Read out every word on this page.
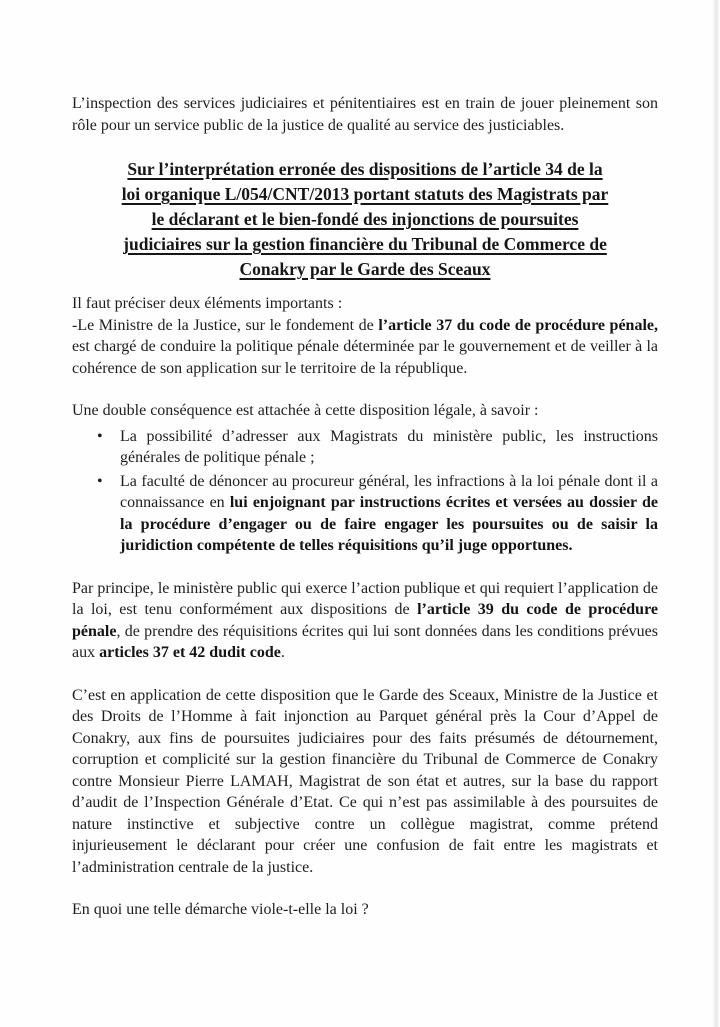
L’inspection des services judiciaires et pénitentiaires est en train de jouer pleinement son rôle pour un service public de la justice de qualité au service des justiciables.

Sur l’interprétation erronée des dispositions de l’article 34 de la
loi organique L/054/CNT/2013 portant statuts des Magistrats par
le déclarant et le bien-fondé des injonctions de poursuites
judiciaires sur la gestion financière du Tribunal de Commerce de
Conakry par le Garde des Sceaux

Il faut préciser deux éléments importants :
-Le Ministre de la Justice, sur le fondement de l’article 37 du code de procédure pénale, est chargé de conduire la politique pénale déterminée par le gouvernement et de veiller à la cohérence de son application sur le territoire de la république.

Une double conséquence est attachée à cette disposition légale, à savoir :

•	La possibilité d’adresser aux Magistrats du ministère public, les instructions générales de politique pénale ;
•	La faculté de dénoncer au procureur général, les infractions à la loi pénale dont il a connaissance en lui enjoignant par instructions écrites et versées au dossier de la procédure d’engager ou de faire engager les poursuites ou de saisir la juridiction compétente de telles réquisitions qu’il juge opportunes.

Par principe, le ministère public qui exerce l’action publique et qui requiert l’application de la loi, est tenu conformément aux dispositions de l’article 39 du code de procédure pénale, de prendre des réquisitions écrites qui lui sont données dans les conditions prévues aux articles 37 et 42 dudit code.

C’est en application de cette disposition que le Garde des Sceaux, Ministre de la Justice et des Droits de l’Homme à fait injonction au Parquet général près la Cour d’Appel de Conakry, aux fins de poursuites judiciaires pour des faits présumés de détournement, corruption et complicité sur la gestion financière du Tribunal de Commerce de Conakry contre Monsieur Pierre LAMAH, Magistrat de son état et autres, sur la base du rapport d’audit de l’Inspection Générale d’Etat. Ce qui n’est pas assimilable à des poursuites de nature instinctive et subjective contre un collègue magistrat, comme prétend injurieusement le déclarant pour créer une confusion de fait entre les magistrats et l’administration centrale de la justice.

En quoi une telle démarche viole-t-elle la loi ?
